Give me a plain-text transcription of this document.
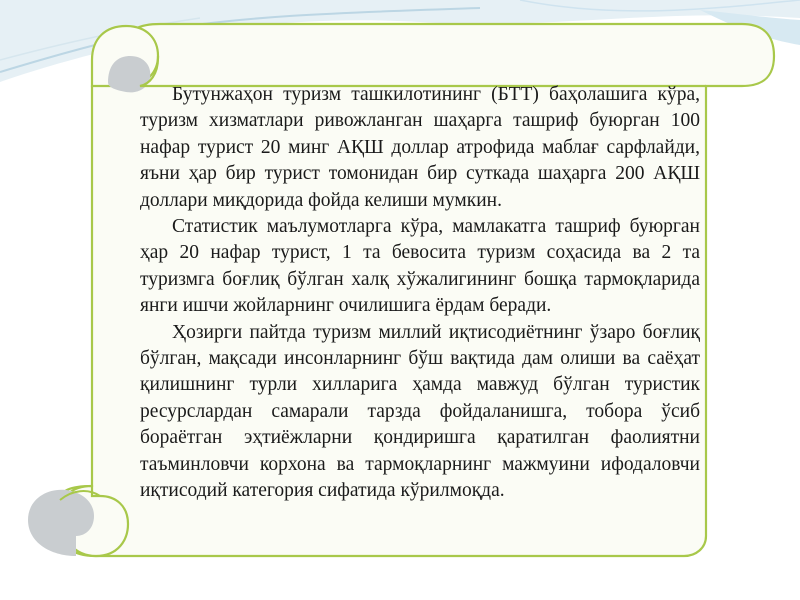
Бутунжаҳон туризм ташкилотининг (БТТ) баҳолашига кўра, туризм хизматлари ривожланган шаҳарга ташриф буюрган 100 нафар турист 20 минг АҚШ доллар атрофида маблағ сарфлайди, яъни ҳар бир турист томонидан бир суткада шаҳарга 200 АҚШ доллари миқдорида фойда келиши мумкин.

Статистик маълумотларга кўра, мамлакатга ташриф буюрган ҳар 20 нафар турист, 1 та бевосита туризм соҳасида ва 2 та туризмга боғлиқ бўлган халқ хўжалигининг бошқа тармоқларида янги ишчи жойларнинг очилишига ёрдам беради.

Ҳозирги пайтда туризм миллий иқтисодиётнинг ўзаро боғлиқ бўлган, мақсади инсонларнинг бўш вақтида дам олиши ва саёҳат қилишнинг турли хилларига ҳамда мавжуд бўлган туристик ресурслардан самарали тарзда фойдаланишга, тобора ўсиб бораётган эҳтиёжларни қондиришга қаратилган фаолиятни таъминловчи корхона ва тармоқларнинг мажмуини ифодаловчи иқтисодий категория сифатида кўрилмоқда.
